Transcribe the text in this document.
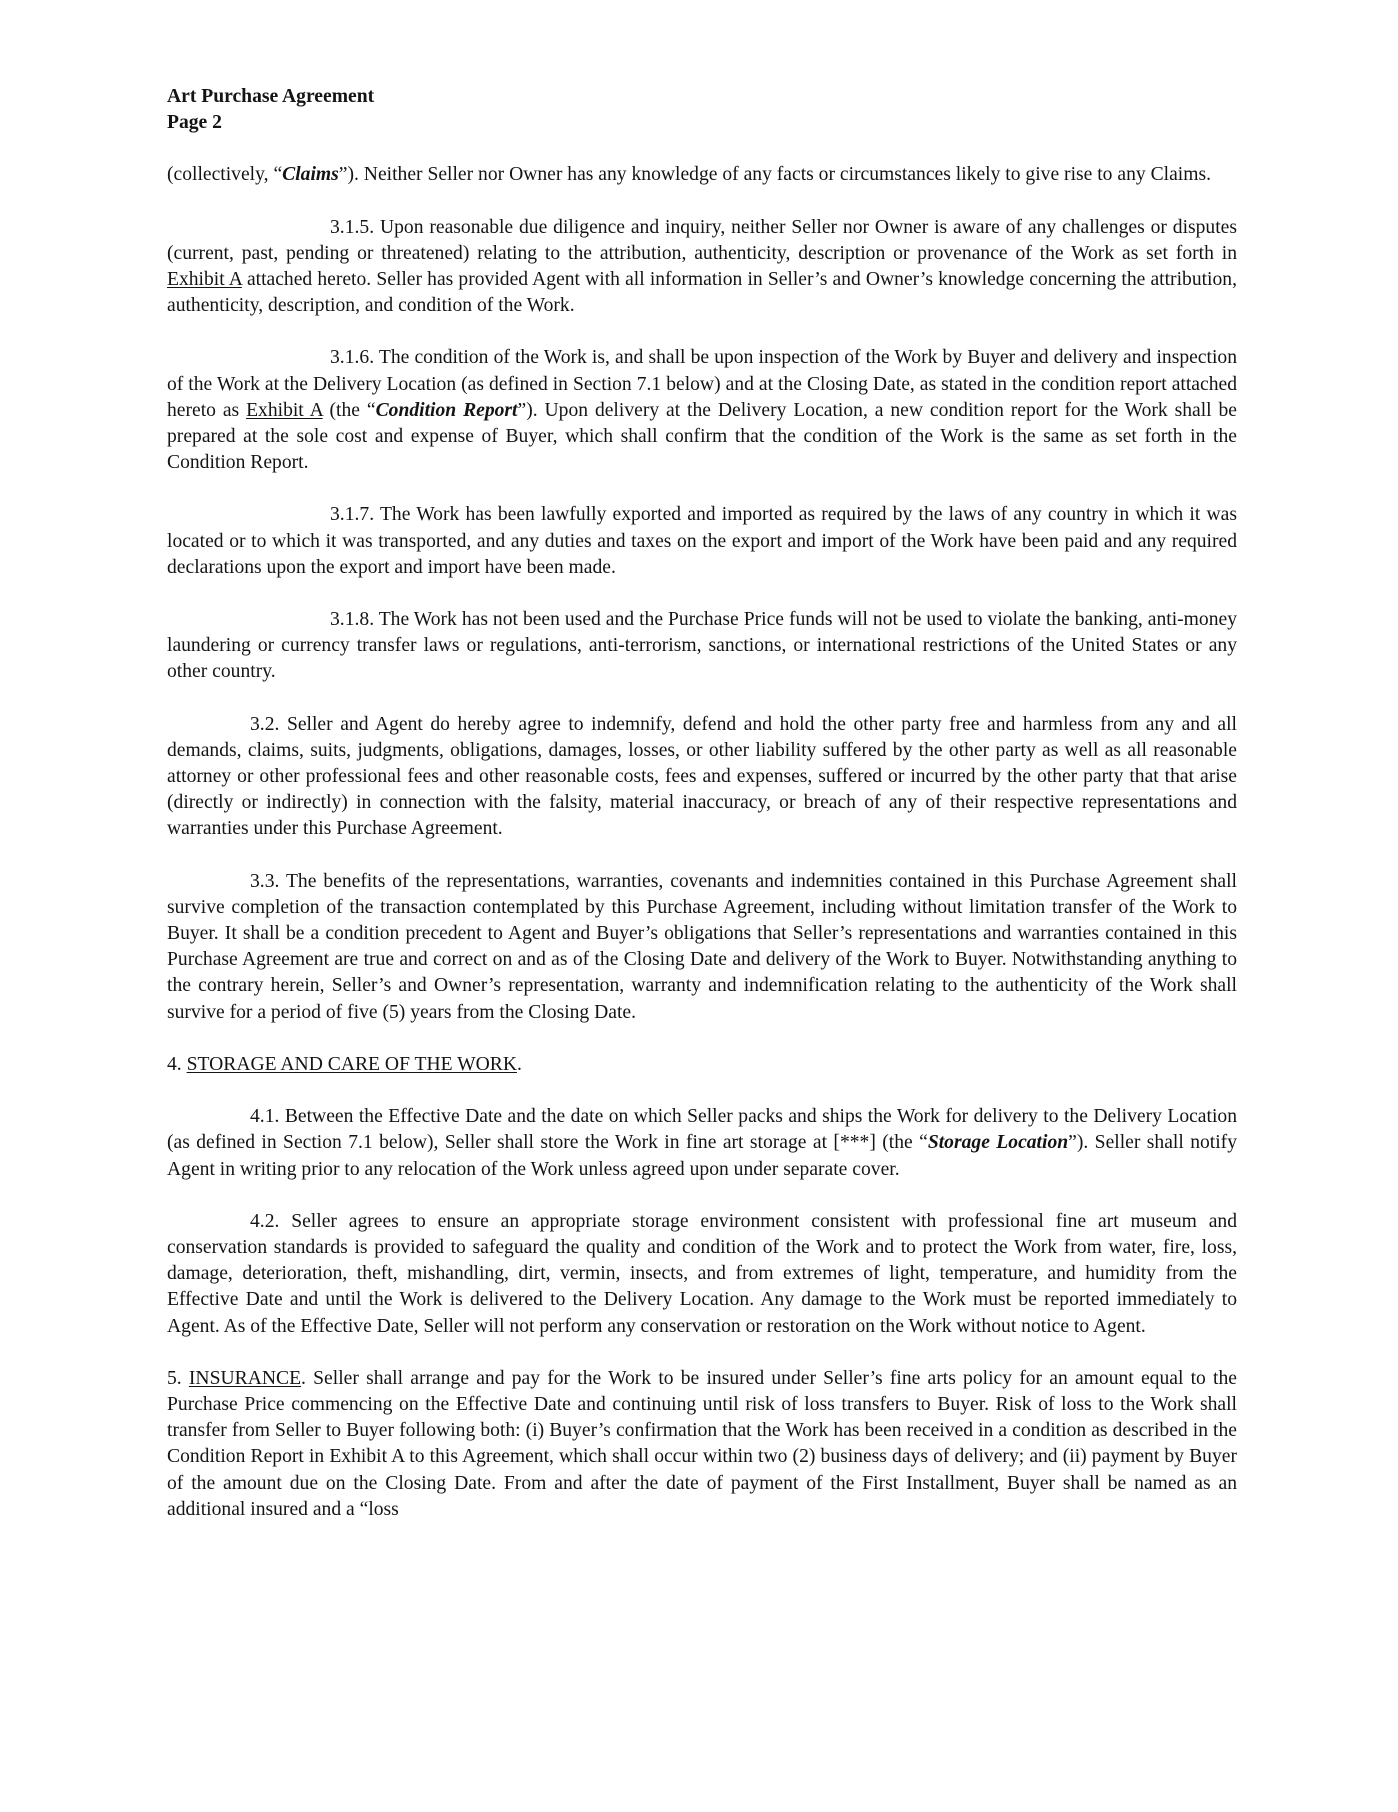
Art Purchase Agreement

Page 2

(collectively, “Claims”). Neither Seller nor Owner has any knowledge of any facts or circumstances likely to give rise to any Claims.

3.1.5. Upon reasonable due diligence and inquiry, neither Seller nor Owner is aware of any challenges or disputes (current, past, pending or threatened) relating to the attribution, authenticity, description or provenance of the Work as set forth in Exhibit A attached hereto. Seller has provided Agent with all information in Seller’s and Owner’s knowledge concerning the attribution, authenticity, description, and condition of the Work.

3.1.6. The condition of the Work is, and shall be upon inspection of the Work by Buyer and delivery and inspection of the Work at the Delivery Location (as defined in Section 7.1 below) and at the Closing Date, as stated in the condition report attached hereto as Exhibit A (the “Condition Report”). Upon delivery at the Delivery Location, a new condition report for the Work shall be prepared at the sole cost and expense of Buyer, which shall confirm that the condition of the Work is the same as set forth in the Condition Report.

3.1.7. The Work has been lawfully exported and imported as required by the laws of any country in which it was located or to which it was transported, and any duties and taxes on the export and import of the Work have been paid and any required declarations upon the export and import have been made.

3.1.8. The Work has not been used and the Purchase Price funds will not be used to violate the banking, anti-money laundering or currency transfer laws or regulations, anti-terrorism, sanctions, or international restrictions of the United States or any other country.

3.2. Seller and Agent do hereby agree to indemnify, defend and hold the other party free and harmless from any and all demands, claims, suits, judgments, obligations, damages, losses, or other liability suffered by the other party as well as all reasonable attorney or other professional fees and other reasonable costs, fees and expenses, suffered or incurred by the other party that that arise (directly or indirectly) in connection with the falsity, material inaccuracy, or breach of any of their respective representations and warranties under this Purchase Agreement.

3.3. The benefits of the representations, warranties, covenants and indemnities contained in this Purchase Agreement shall survive completion of the transaction contemplated by this Purchase Agreement, including without limitation transfer of the Work to Buyer. It shall be a condition precedent to Agent and Buyer’s obligations that Seller’s representations and warranties contained in this Purchase Agreement are true and correct on and as of the Closing Date and delivery of the Work to Buyer. Notwithstanding anything to the contrary herein, Seller’s and Owner’s representation, warranty and indemnification relating to the authenticity of the Work shall survive for a period of five (5) years from the Closing Date.

4. STORAGE AND CARE OF THE WORK.

4.1. Between the Effective Date and the date on which Seller packs and ships the Work for delivery to the Delivery Location (as defined in Section 7.1 below), Seller shall store the Work in fine art storage at [***] (the “Storage Location”). Seller shall notify Agent in writing prior to any relocation of the Work unless agreed upon under separate cover.

4.2. Seller agrees to ensure an appropriate storage environment consistent with professional fine art museum and conservation standards is provided to safeguard the quality and condition of the Work and to protect the Work from water, fire, loss, damage, deterioration, theft, mishandling, dirt, vermin, insects, and from extremes of light, temperature, and humidity from the Effective Date and until the Work is delivered to the Delivery Location. Any damage to the Work must be reported immediately to Agent. As of the Effective Date, Seller will not perform any conservation or restoration on the Work without notice to Agent.

5. INSURANCE. Seller shall arrange and pay for the Work to be insured under Seller’s fine arts policy for an amount equal to the Purchase Price commencing on the Effective Date and continuing until risk of loss transfers to Buyer. Risk of loss to the Work shall transfer from Seller to Buyer following both: (i) Buyer’s confirmation that the Work has been received in a condition as described in the Condition Report in Exhibit A to this Agreement, which shall occur within two (2) business days of delivery; and (ii) payment by Buyer of the amount due on the Closing Date. From and after the date of payment of the First Installment, Buyer shall be named as an additional insured and a “loss
